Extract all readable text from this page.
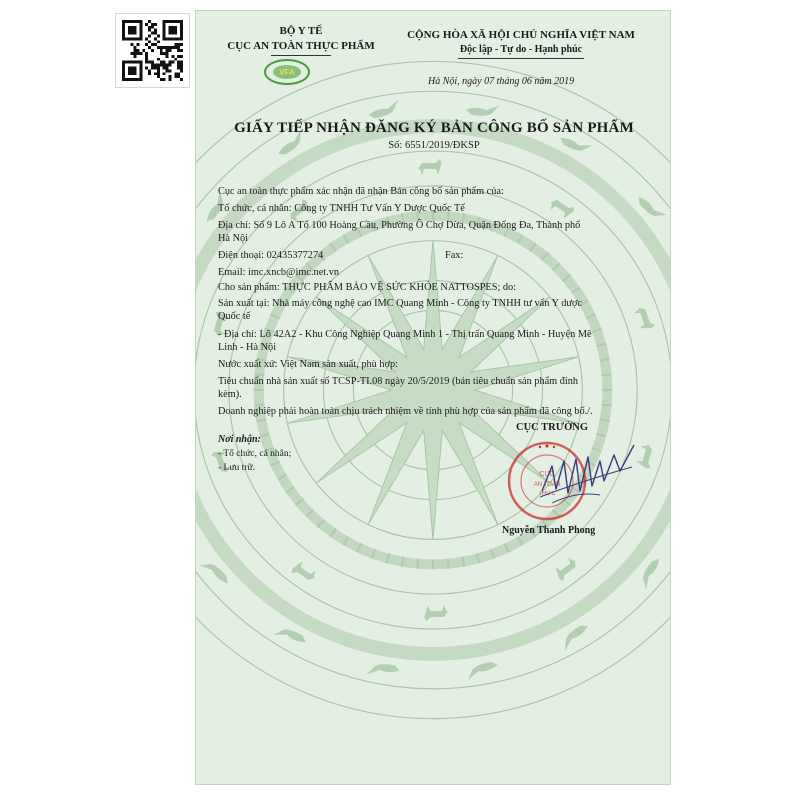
BỘ Y TẾ
CỤC AN TOÀN THỰC PHẨM
VFA
CỘNG HÒA XÃ HỘI CHỦ NGHĨA VIỆT NAM
Độc lập - Tự do - Hạnh phúc
Hà Nội, ngày 07 tháng 06 năm 2019
GIẤY TIẾP NHẬN ĐĂNG KÝ BẢN CÔNG BỐ SẢN PHẨM
Số: 6551/2019/ĐKSP
Cục an toàn thực phẩm xác nhận đã nhận Bản công bố sản phẩm của:
Tổ chức, cá nhân: Công ty TNHH Tư Vấn Y Dược Quốc Tế
Địa chỉ: Số 9 Lô A Tổ 100 Hoàng Cầu, Phường Ô Chợ Dừa, Quận Đống Đa, Thành phố
Hà Nội
Điện thoại: 02435377274	Fax:
Email: imc.xncb@imc.net.vn
Cho sản phẩm: THỰC PHẨM BẢO VỆ SỨC KHỎE NATTOSPES; do:
Sản xuất tại: Nhà máy công nghệ cao IMC Quang Minh - Công ty TNHH tư vấn Y dược
Quốc tế
- Địa chỉ: Lô 42A2 - Khu Công Nghiệp Quang Minh 1 - Thị trấn Quang Minh - Huyện Mê
Linh - Hà Nội
Nước xuất xứ: Việt Nam sản xuất, phù hợp:
Tiêu chuẩn nhà sản xuất số TCSP-TI.08 ngày 20/5/2019 (bản tiêu chuẩn sản phẩm đính
kèm).
Doanh nghiệp phải hoàn toàn chịu trách nhiệm về tính phù hợp của sản phẩm đã công bố./.
Nơi nhận:
- Tổ chức, cá nhân;
- Lưu trữ.
CỤC TRƯỞNG
CỤC
AN TOÀN
THỰC
Nguyễn Thanh Phong
